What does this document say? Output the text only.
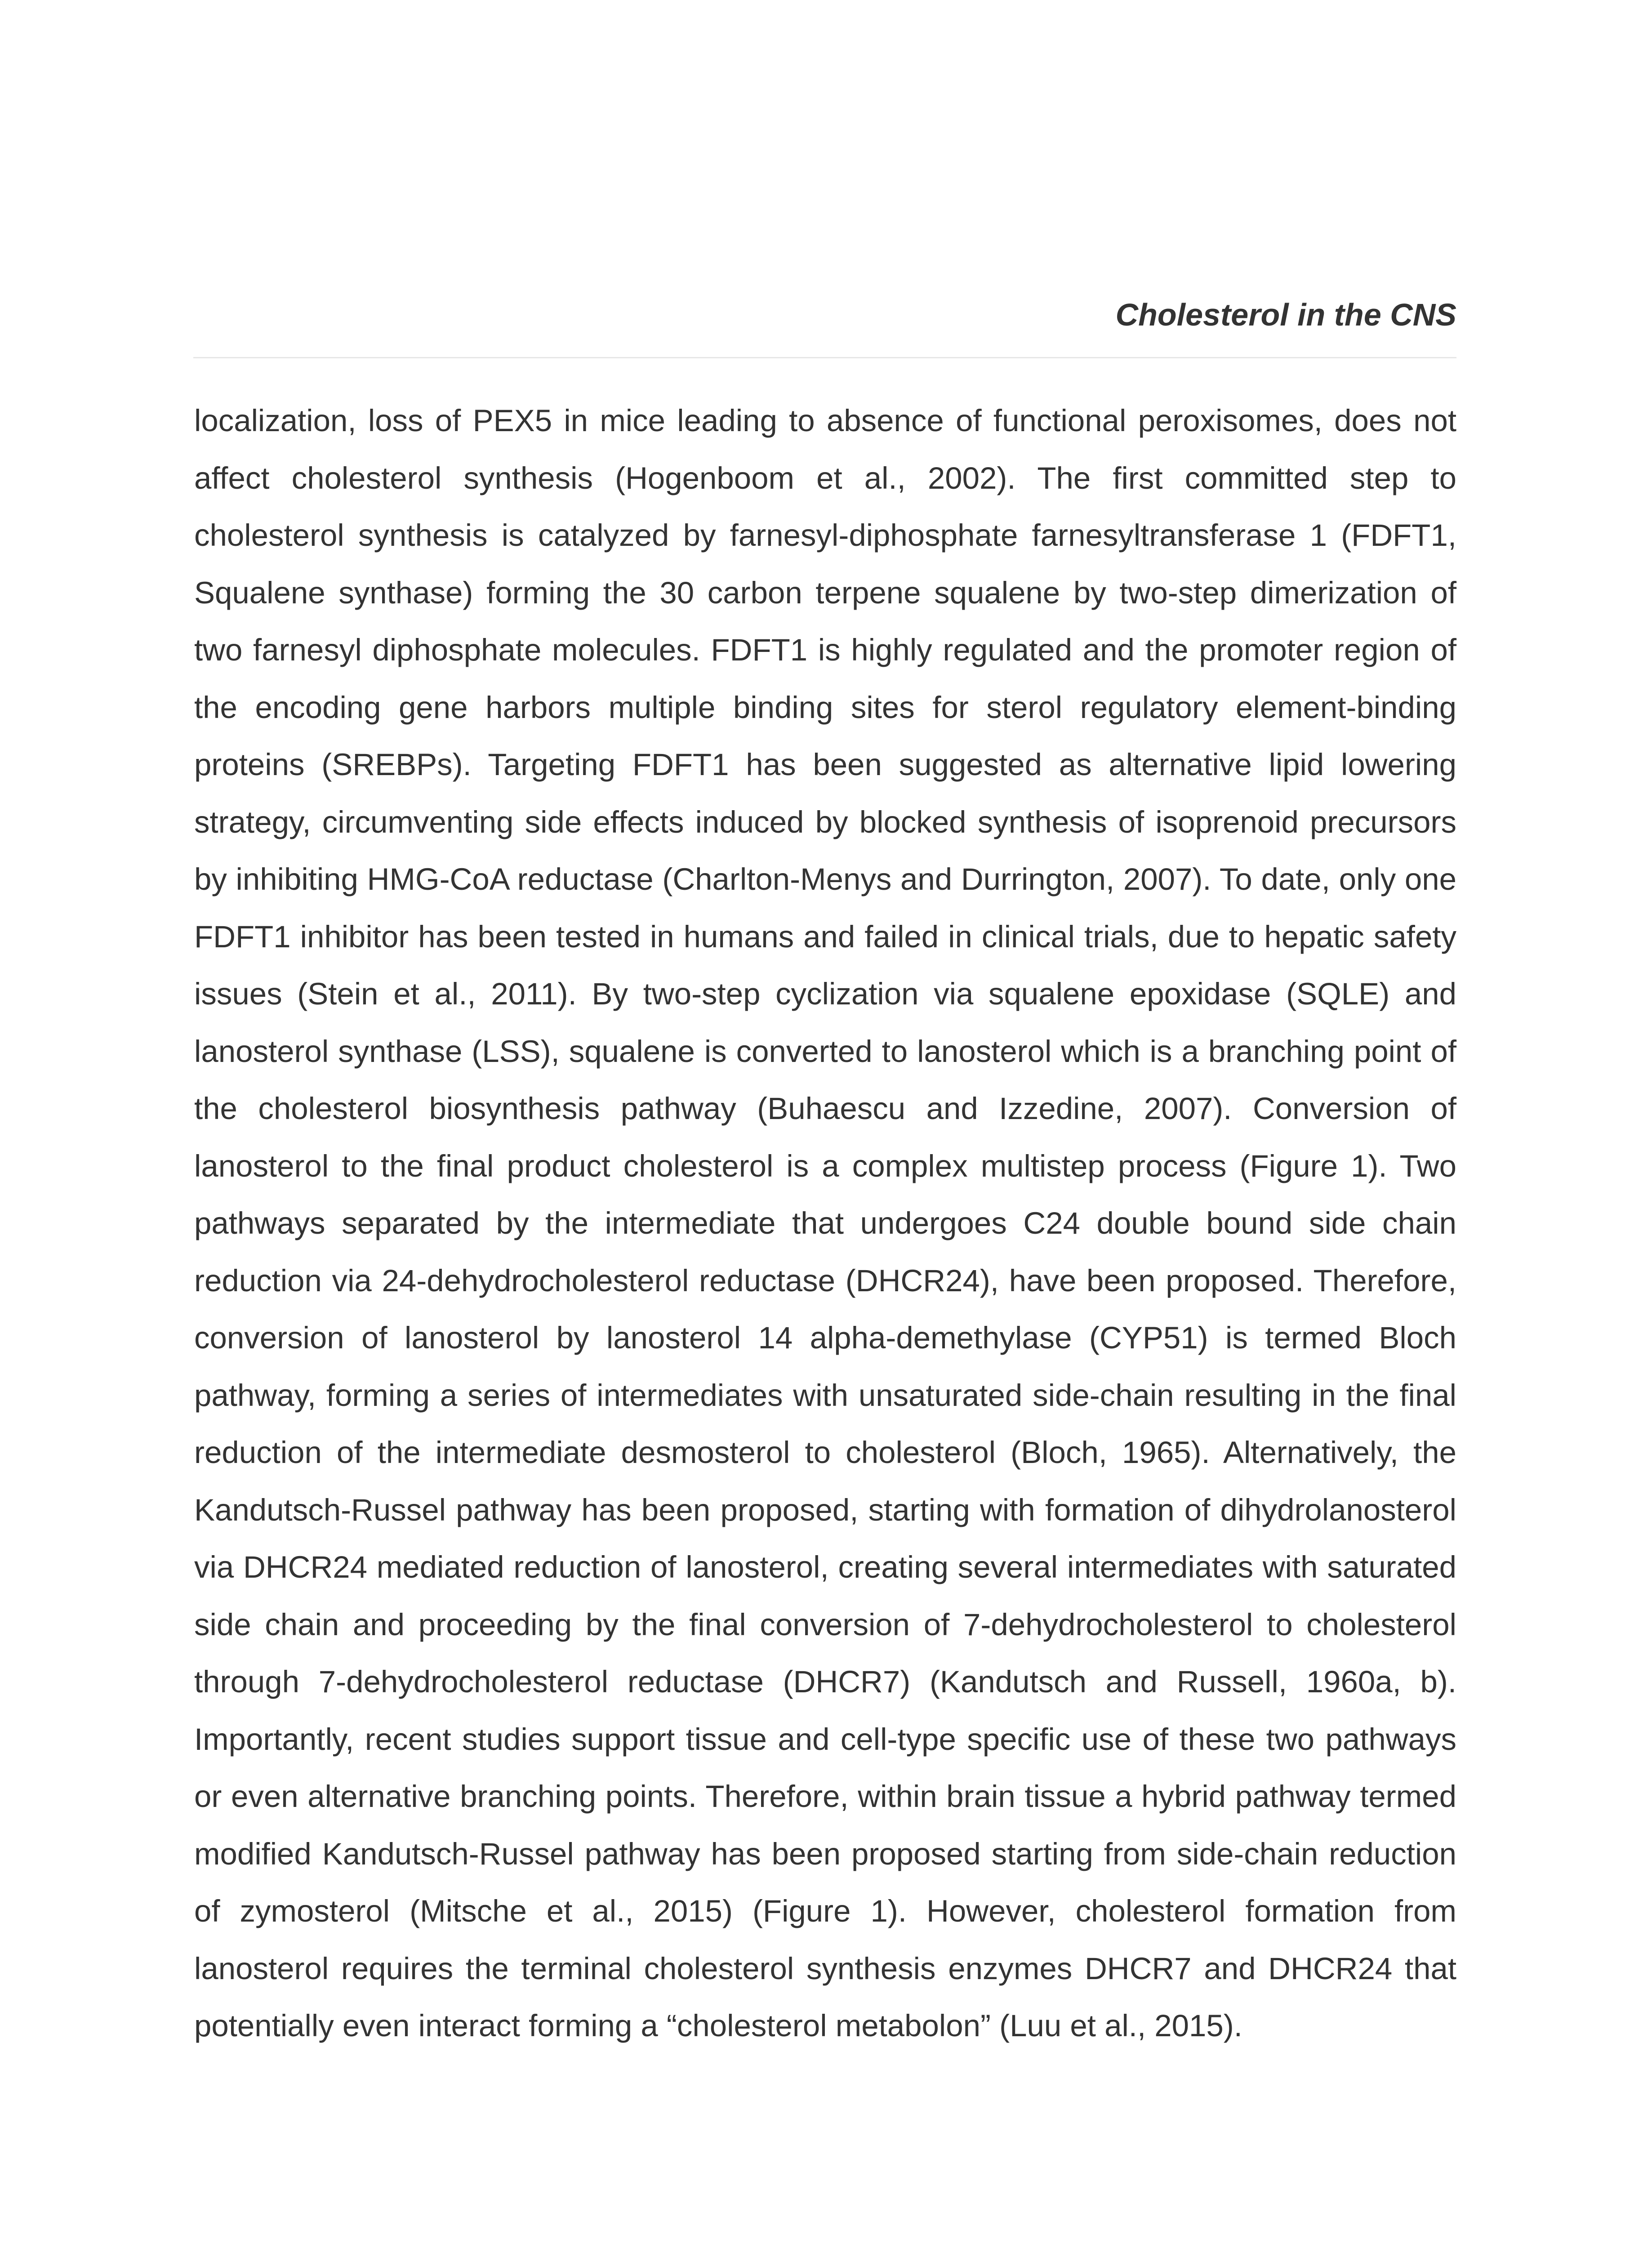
Cholesterol in the CNS

localization, loss of PEX5 in mice leading to absence of functional peroxisomes, does not affect cholesterol synthesis (Hogenboom et al., 2002). The first committed step to cholesterol synthesis is catalyzed by farnesyl-diphosphate farnesyltransferase 1 (FDFT1, Squalene synthase) forming the 30 carbon terpene squalene by two-step dimerization of two farnesyl diphosphate molecules. FDFT1 is highly regulated and the promoter region of the encoding gene harbors multiple binding sites for sterol regulatory element-binding proteins (SREBPs). Targeting FDFT1 has been suggested as alternative lipid lowering strategy, circumventing side effects induced by blocked synthesis of isoprenoid precursors by inhibiting HMG-CoA reductase (Charlton-Menys and Durrington, 2007). To date, only one FDFT1 inhibitor has been tested in humans and failed in clinical trials, due to hepatic safety issues (Stein et al., 2011). By two-step cyclization via squalene epoxidase (SQLE) and lanosterol synthase (LSS), squalene is converted to lanosterol which is a branching point of the cholesterol biosynthesis pathway (Buhaescu and Izzedine, 2007). Conversion of lanosterol to the final product cholesterol is a complex multistep process (Figure 1). Two pathways separated by the intermediate that undergoes C24 double bound side chain reduction via 24-dehydrocholesterol reductase (DHCR24), have been proposed. Therefore, conversion of lanosterol by lanosterol 14 alpha-demethylase (CYP51) is termed Bloch pathway, forming a series of intermediates with unsaturated side-chain resulting in the final reduction of the intermediate desmosterol to cholesterol (Bloch, 1965). Alternatively, the Kandutsch-Russel pathway has been proposed, starting with formation of dihydrolanosterol via DHCR24 mediated reduction of lanosterol, creating several intermediates with saturated side chain and proceeding by the final conversion of 7-dehydrocholesterol to cholesterol through 7-dehydrocholesterol reductase (DHCR7) (Kandutsch and Russell, 1960a, b). Importantly, recent studies support tissue and cell-type specific use of these two pathways or even alternative branching points. Therefore, within brain tissue a hybrid pathway termed modified Kandutsch-Russel pathway has been proposed starting from side-chain reduction of zymosterol (Mitsche et al., 2015) (Figure 1). However, cholesterol formation from lanosterol requires the terminal cholesterol synthesis enzymes DHCR7 and DHCR24 that potentially even interact forming a “cholesterol metabolon” (Luu et al., 2015).
